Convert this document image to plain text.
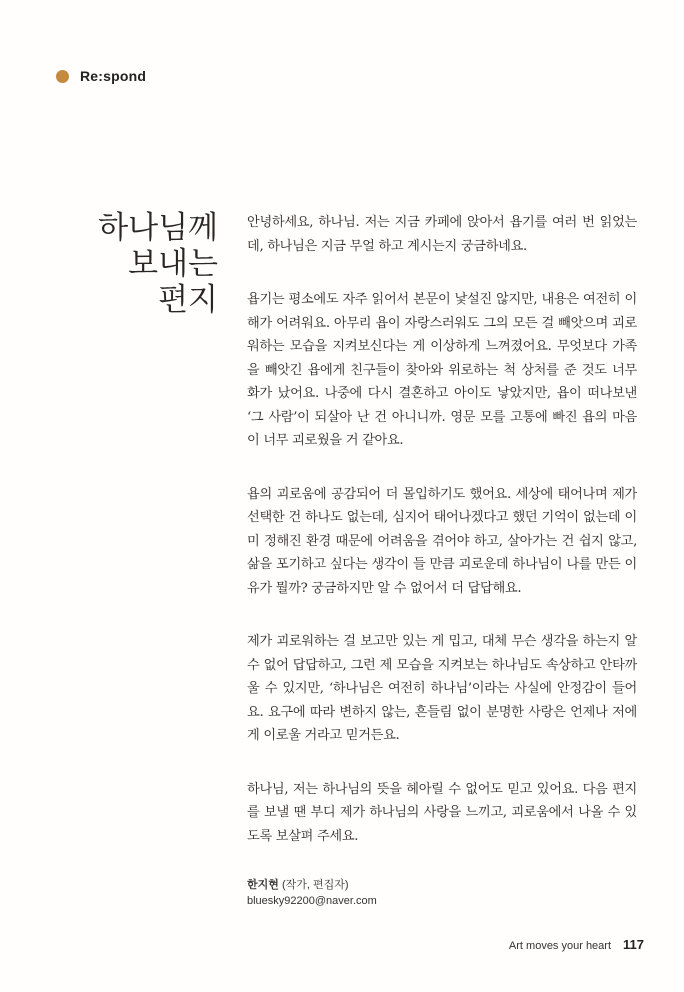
Re:spond
하나님께
보내는
편지

안녕하세요, 하나님. 저는 지금 카페에 앉아서 욥기를 여러 번 읽었는데, 하나님은 지금 무얼 하고 계시는지 궁금하네요.

욥기는 평소에도 자주 읽어서 본문이 낯설진 않지만, 내용은 여전히 이해가 어려워요. 아무리 욥이 자랑스러워도 그의 모든 걸 빼앗으며 괴로워하는 모습을 지켜보신다는 게 이상하게 느껴졌어요. 무엇보다 가족을 빼앗긴 욥에게 친구들이 찾아와 위로하는 척 상처를 준 것도 너무 화가 났어요. 나중에 다시 결혼하고 아이도 낳았지만, 욥이 떠나보낸 ‘그 사람’이 되살아 난 건 아니니까. 영문 모를 고통에 빠진 욥의 마음이 너무 괴로웠을 거 같아요.

욥의 괴로움에 공감되어 더 몰입하기도 했어요. 세상에 태어나며 제가 선택한 건 하나도 없는데, 심지어 태어나겠다고 했던 기억이 없는데 이미 정해진 환경 때문에 어려움을 겪어야 하고, 살아가는 건 쉽지 않고, 삶을 포기하고 싶다는 생각이 들 만큼 괴로운데 하나님이 나를 만든 이유가 뭘까? 궁금하지만 알 수 없어서 더 답답해요.

제가 괴로워하는 걸 보고만 있는 게 밉고, 대체 무슨 생각을 하는지 알 수 없어 답답하고, 그런 제 모습을 지켜보는 하나님도 속상하고 안타까울 수 있지만, ‘하나님은 여전히 하나님’이라는 사실에 안정감이 들어요. 요구에 따라 변하지 않는, 흔들림 없이 분명한 사랑은 언제나 저에게 이로울 거라고 믿거든요.

하나님, 저는 하나님의 뜻을 헤아릴 수 없어도 믿고 있어요. 다음 편지를 보낼 땐 부디 제가 하나님의 사랑을 느끼고, 괴로움에서 나올 수 있도록 보살펴 주세요.

한지현 (작가, 편집자)
bluesky92200@naver.com
Art moves your heart 117
